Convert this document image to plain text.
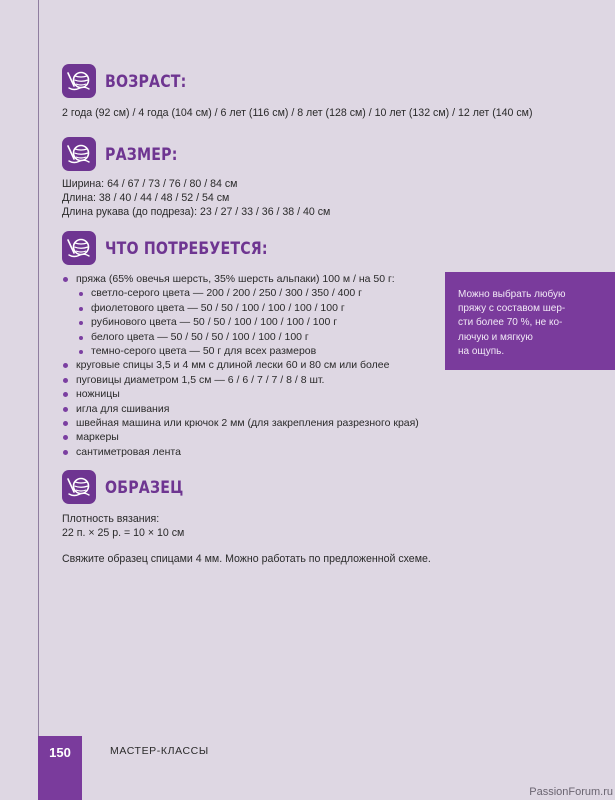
ВОЗРАСТ:
2 года (92 см) / 4 года (104 см) / 6 лет (116 см) / 8 лет (128 см) / 10 лет (132 см) / 12 лет (140 см)
РАЗМЕР:
Ширина: 64 / 67 / 73 / 76 / 80 / 84 см
Длина: 38 / 40 / 44 / 48 / 52 / 54 см
Длина рукава (до подреза): 23 / 27 / 33 / 36 / 38 / 40 см
ЧТО ПОТРЕБУЕТСЯ:
пряжа (65% овечья шерсть, 35% шерсть альпаки) 100 м / на 50 г:
светло-серого цвета — 200 / 200 / 250 / 300 / 350 / 400 г
фиолетового цвета — 50 / 50 / 100 / 100 / 100 / 100 г
рубинового цвета — 50 / 50 / 100 / 100 / 100 / 100 г
белого цвета — 50 / 50 / 50 / 100 / 100 / 100 г
темно-серого цвета — 50 г для всех размеров
круговые спицы 3,5 и 4 мм с длиной лески 60 и 80 см или более
пуговицы диаметром 1,5 см — 6 / 6 / 7 / 7 / 8 / 8 шт.
ножницы
игла для сшивания
швейная машина или крючок 2 мм (для закрепления разрезного края)
маркеры
сантиметровая лента
Можно выбрать любую
пряжу с составом шер-
сти более 70 %, не ко-
лючую и мягкую
на ощупь.
ОБРАЗЕЦ
Плотность вязания:
22 п. × 25 р. = 10 × 10 см
Свяжите образец спицами 4 мм. Можно работать по предложенной схеме.
150	МАСТЕР-КЛАССЫ
PassionForum.ru
